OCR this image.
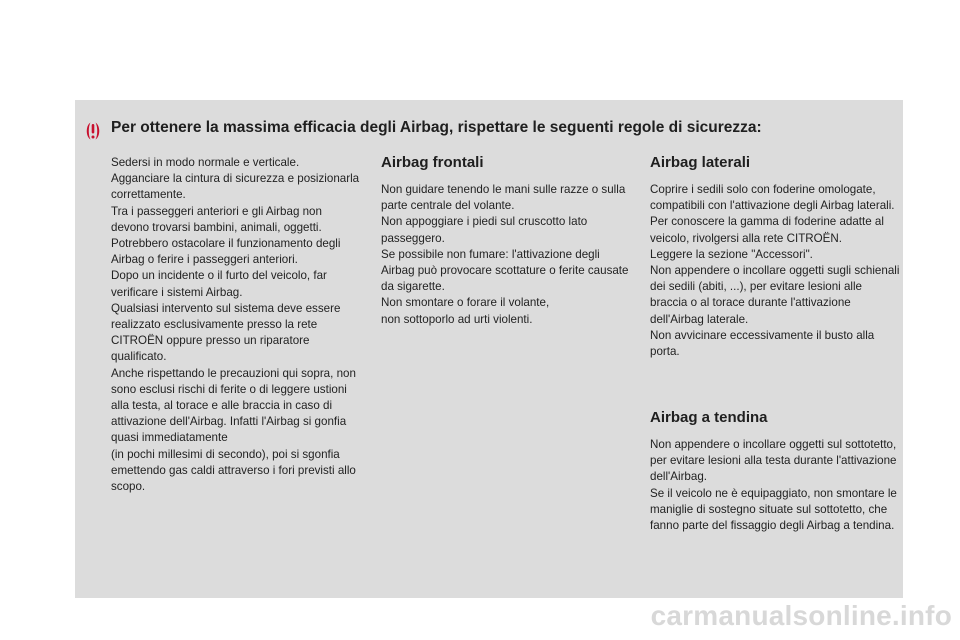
Per ottenere la massima efficacia degli Airbag, rispettare le seguenti regole di sicurezza:

Sedersi in modo normale e verticale.

Agganciare la cintura di sicurezza e posizionarla correttamente.

Tra i passeggeri anteriori e gli Airbag non devono trovarsi bambini, animali, oggetti. Potrebbero ostacolare il funzionamento degli Airbag o ferire i passeggeri anteriori.

Dopo un incidente o il furto del veicolo, far verificare i sistemi Airbag.

Qualsiasi intervento sul sistema deve essere realizzato esclusivamente presso la rete CITROËN oppure presso un riparatore qualificato.

Anche rispettando le precauzioni qui sopra, non sono esclusi rischi di ferite o di leggere ustioni alla testa, al torace e alle braccia in caso di attivazione dell'Airbag. Infatti l'Airbag si gonfia quasi immediatamente

(in pochi millesimi di secondo), poi si sgonfia emettendo gas caldi attraverso i fori previsti allo scopo.

Airbag frontali

Non guidare tenendo le mani sulle razze o sulla parte centrale del volante.

Non appoggiare i piedi sul cruscotto lato passeggero.

Se possibile non fumare: l'attivazione degli Airbag può provocare scottature o ferite causate da sigarette.

Non smontare o forare il volante,

non sottoporlo ad urti violenti.

Airbag laterali

Coprire i sedili solo con foderine omologate, compatibili con l'attivazione degli Airbag laterali. Per conoscere la gamma di foderine adatte al veicolo, rivolgersi alla rete CITROËN.

Leggere la sezione "Accessori".

Non appendere o incollare oggetti sugli schienali dei sedili (abiti, ...), per evitare lesioni alle braccia o al torace durante l'attivazione dell'Airbag laterale.

Non avvicinare eccessivamente il busto alla porta.

Airbag a tendina

Non appendere o incollare oggetti sul sottotetto, per evitare lesioni alla testa durante l'attivazione dell'Airbag.

Se il veicolo ne è equipaggiato, non smontare le maniglie di sostegno situate sul sottotetto, che fanno parte del fissaggio degli Airbag a tendina.

carmanualsonline.info
